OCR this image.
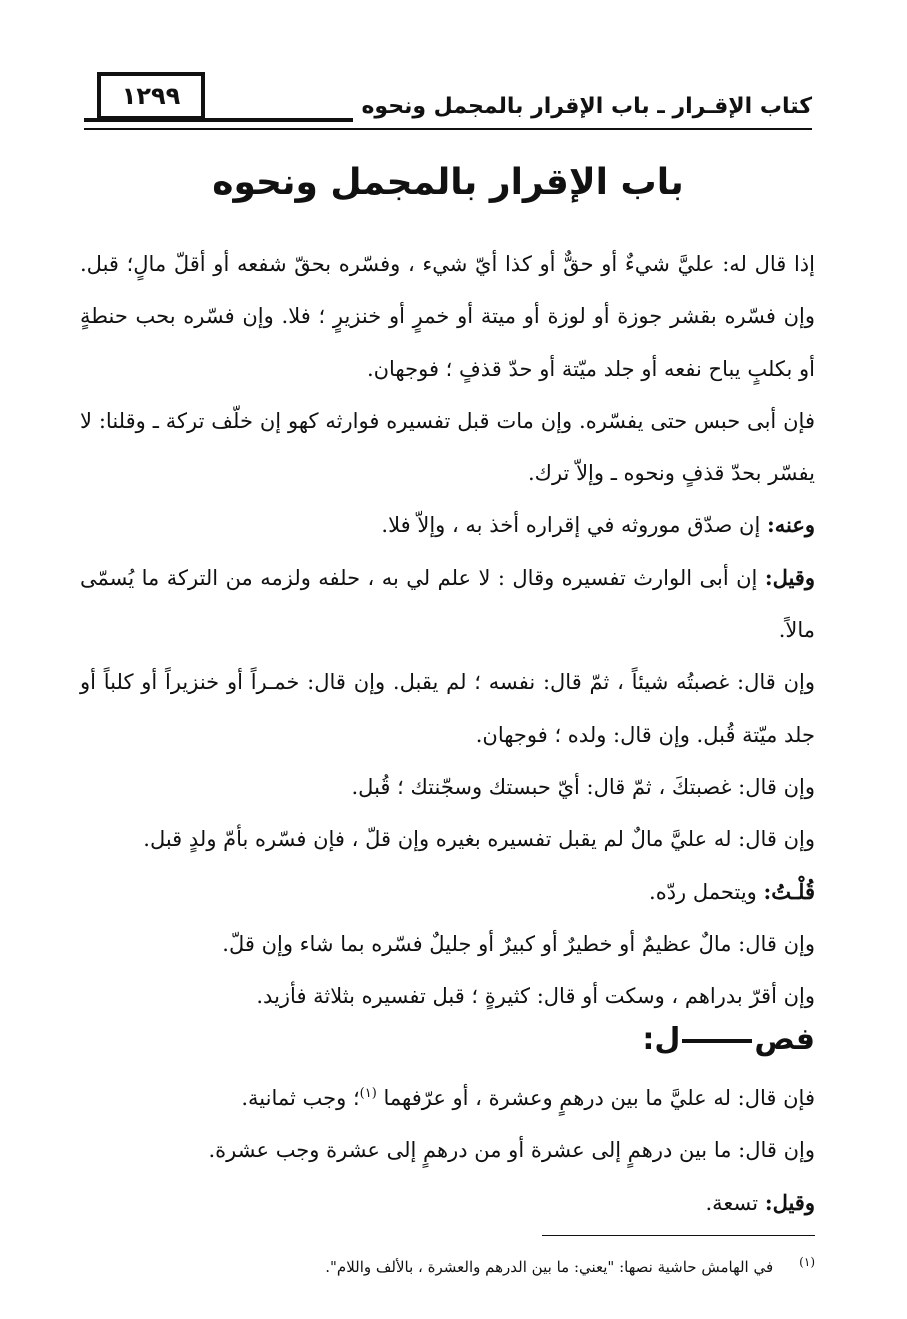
كتاب الإقـرار ـ باب الإقرار بالمجمل ونحوه
١٢٩٩
باب الإقرار بالمجمل ونحوه

إذا قال له: عليَّ شيءٌ أو حقٌّ أو كذا أيّ شيء ، وفسّره بحقّ شفعه أو أقلّ مالٍ؛ قبل. وإن فسّره بقشر جوزة أو لوزة أو ميتة أو خمرٍ أو خنزيرٍ ؛ فلا. وإن فسّره بحب حنطةٍ أو بكلبٍ يباح نفعه أو جلد ميّتة أو حدّ قذفٍ ؛ فوجهان.

فإن أبى حبس حتى يفسّره. وإن مات قبل تفسيره فوارثه كهو إن خلّف تركة ـ وقلنا: لا يفسّر بحدّ قذفٍ ونحوه ـ وإلاّ ترك.

وعنه: إن صدّق موروثه في إقراره أخذ به ، وإلاّ فلا.

وقيل: إن أبى الوارث تفسيره وقال : لا علم لي به ، حلفه ولزمه من التركة ما يُسمّى مالاً.

وإن قال: غصبتُه شيئاً ، ثمّ قال: نفسه ؛ لم يقبل. وإن قال: خمـراً أو خنزيراً أو كلباً أو جلد ميّتة قُبل. وإن قال: ولده ؛ فوجهان.

وإن قال: غصبتكَ ، ثمّ قال: أيّ حبستك وسجّنتك ؛ قُبل.

وإن قال: له عليَّ مالٌ لم يقبل تفسيره بغيره وإن قلّ ، فإن فسّره بأمّ ولدٍ قبل.

قُلْـتُ: ويتحمل ردّه.

وإن قال: مالٌ عظيمٌ أو خطيرٌ أو كبيرٌ أو جليلٌ فسّره بما شاء وإن قلّ.

وإن أقرّ بدراهم ، وسكت أو قال: كثيرةٍ ؛ قبل تفسيره بثلاثة فأزيد.

فصل:

فإن قال: له عليَّ ما بين درهمٍ وعشرة ، أو عرّفهما $^{(١)}$؛ وجب ثمانية.

وإن قال: ما بين درهمٍ إلى عشرة أو من درهمٍ إلى عشرة وجب عشرة.

وقيل: تسعة.

$^{(١)}$في الهامش حاشية نصها: "يعني: ما بين الدرهم والعشرة ، بالألف واللام".
